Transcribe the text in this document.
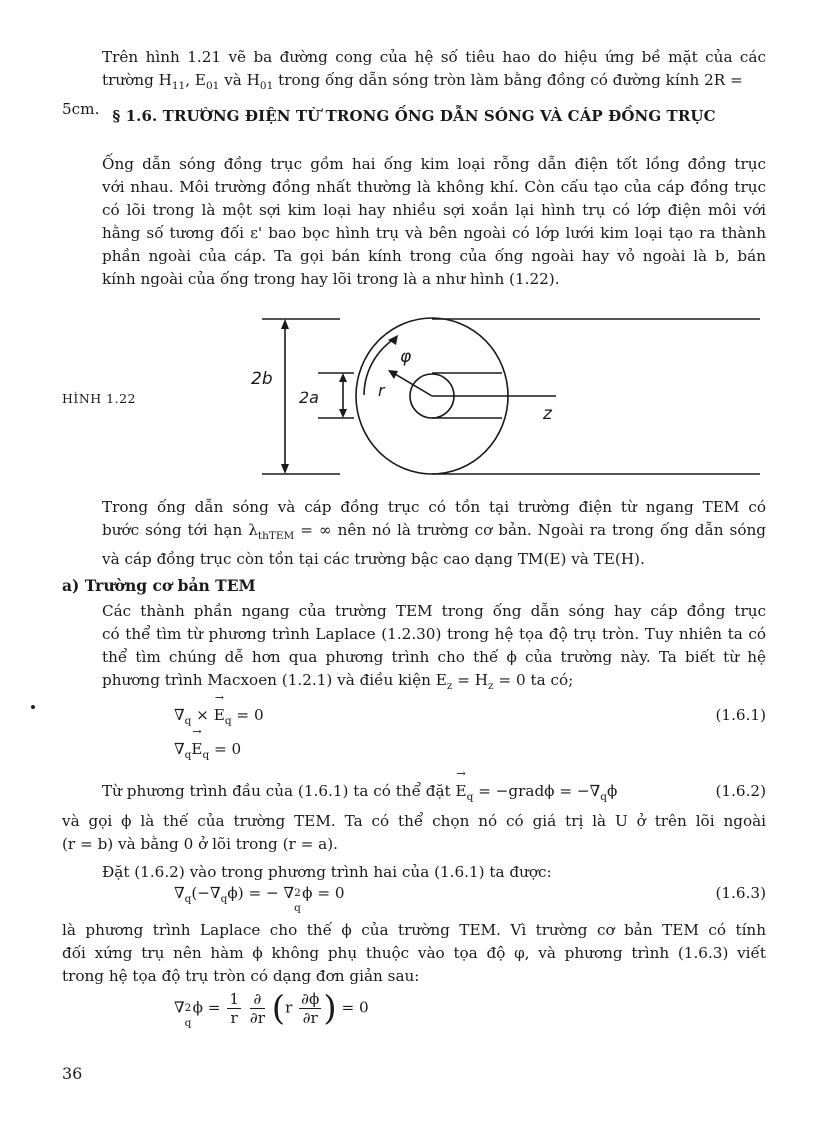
Trên hình 1.21 vẽ ba đường cong của hệ số tiêu hao do hiệu ứng bề mặt của các
trường $H_{11}$, $E_{01}$ và $H_{01}$ trong ống dẫn sóng tròn làm bằng đồng có đường kính 2R = 5cm. § 1.6. TRƯỜNG ĐIỆN TỪ TRONG ỐNG DẪN SÓNG VÀ CÁP ĐỒNG TRỤC

Ống dẫn sóng đồng trục gồm hai ống kim loại rỗng dẫn điện tốt lồng đồng trục
với nhau. Môi trường đồng nhất thường là không khí. Còn cấu tạo của cáp đồng trục
có lõi trong là một sợi kim loại hay nhiều sợi xoắn lại hình trụ có lớp điện môi với
hằng số tương đối ε' bao bọc hình trụ và bên ngoài có lớp lưới kim loại tạo ra thành
phần ngoài của cáp. Ta gọi bán kính trong của ống ngoài hay vỏ ngoài là b, bán
kính ngoài của ống trong hay lõi trong là a như hình (1.22).

HÌNH 1.22
2b
2a	r
φ
z

Trong ống dẫn sóng và cáp đồng trục có tồn tại trường điện từ ngang TEM có
bước sóng tới hạn $\lambda_{thTEM}$ = ∞ nên nó là trường cơ bản. Ngoài ra trong ống dẫn sóng
và cáp đồng trục còn tồn tại các trường bậc cao dạng TM(E) và TE(H).

a) Trường cơ bản TEM

Các thành phần ngang của trường TEM trong ống dẫn sóng hay cáp đồng trục
có thể tìm từ phương trình Laplace (1.2.30) trong hệ tọa độ trụ tròn. Tuy nhiên ta có
thể tìm chúng dễ hơn qua phương trình cho thế ϕ của trường này. Ta biết từ hệ
phương trình Macxoen (1.2.1) và điều kiện $E_z = H_z = 0$ ta có;

$\nabla_q$ × → $E_q = 0$	(1.6.1)
$\nabla_q\to E_q = 0$
Từ phương trình đầu của (1.6.1) ta có thể đặt → $E_q$ = −gradϕ = $-\nabla_q\phi$	(1.6.2)

và gọi ϕ là thế của trường TEM. Ta có thể chọn nó có giá trị là U ở trên lõi ngoài
(r = b) và bằng 0 ở lõi trong (r = a).

Đặt (1.6.2) vào trong phương trình hai của (1.6.1) ta được:

$\nabla_q(-\nabla_q\phi)$ = − ∇ 2
q
ϕ = 0	(1.6.3)

là phương trình Laplace cho thế ϕ của trường TEM. Vì trường cơ bản TEM có tính
đối xứng trụ nên hàm ϕ không phụ thuộc vào tọa độ φ, và phương trình (1.6.3) viết
trong hệ tọa độ trụ tròn có dạng đơn giản sau:

∇ 2
q
$\phi = \frac{1}{r}$
$\frac{\partial}{\partial r} (r \frac{\partial\phi}{\partial r}$ ) = 0
36
